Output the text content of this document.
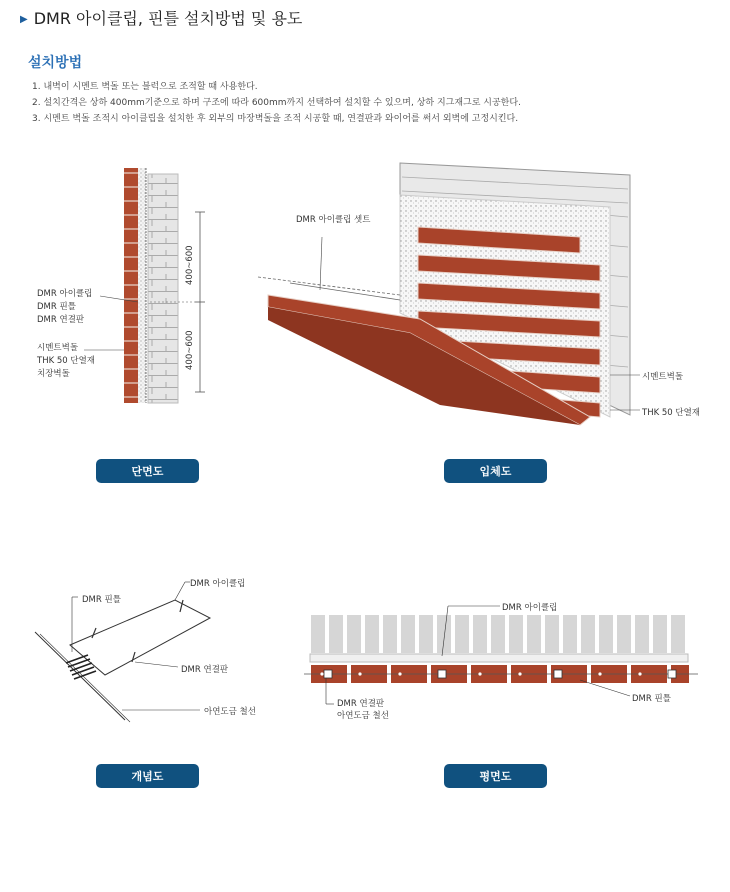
▶ DMR 아이클립, 핀틀 설치방법 및 용도
설치방법
1. 내벽이 시멘트 벽돌 또는 블럭으로 조적할 때 사용한다.
2. 설치간격은 상하 400mm기준으로 하며 구조에 따라 600mm까지 선택하여 설치할 수 있으며, 상하 지그재그로 시공한다.
3. 시멘트 벽돌 조적시 아이클립을 설치한 후 외부의 마장벽돌을 조적 시공할 때, 연결판과 와이어를 써서 외벽에 고정시킨다.
400~600
400~600
DMR 아이클립
DMR 핀틀
DMR 연결판
시멘트벽돌
THK 50 단열재
치장벽돌
DMR 아이클립 셋트
시멘트벽돌
THK 50 단열재
단면도	입체도
DMR 아이클립
DMR 핀틀
DMR 연결판
아연도금 철선
DMR 아이클립
DMR 연결판
아연도금 철선
DMR 핀틀
개념도	평면도
